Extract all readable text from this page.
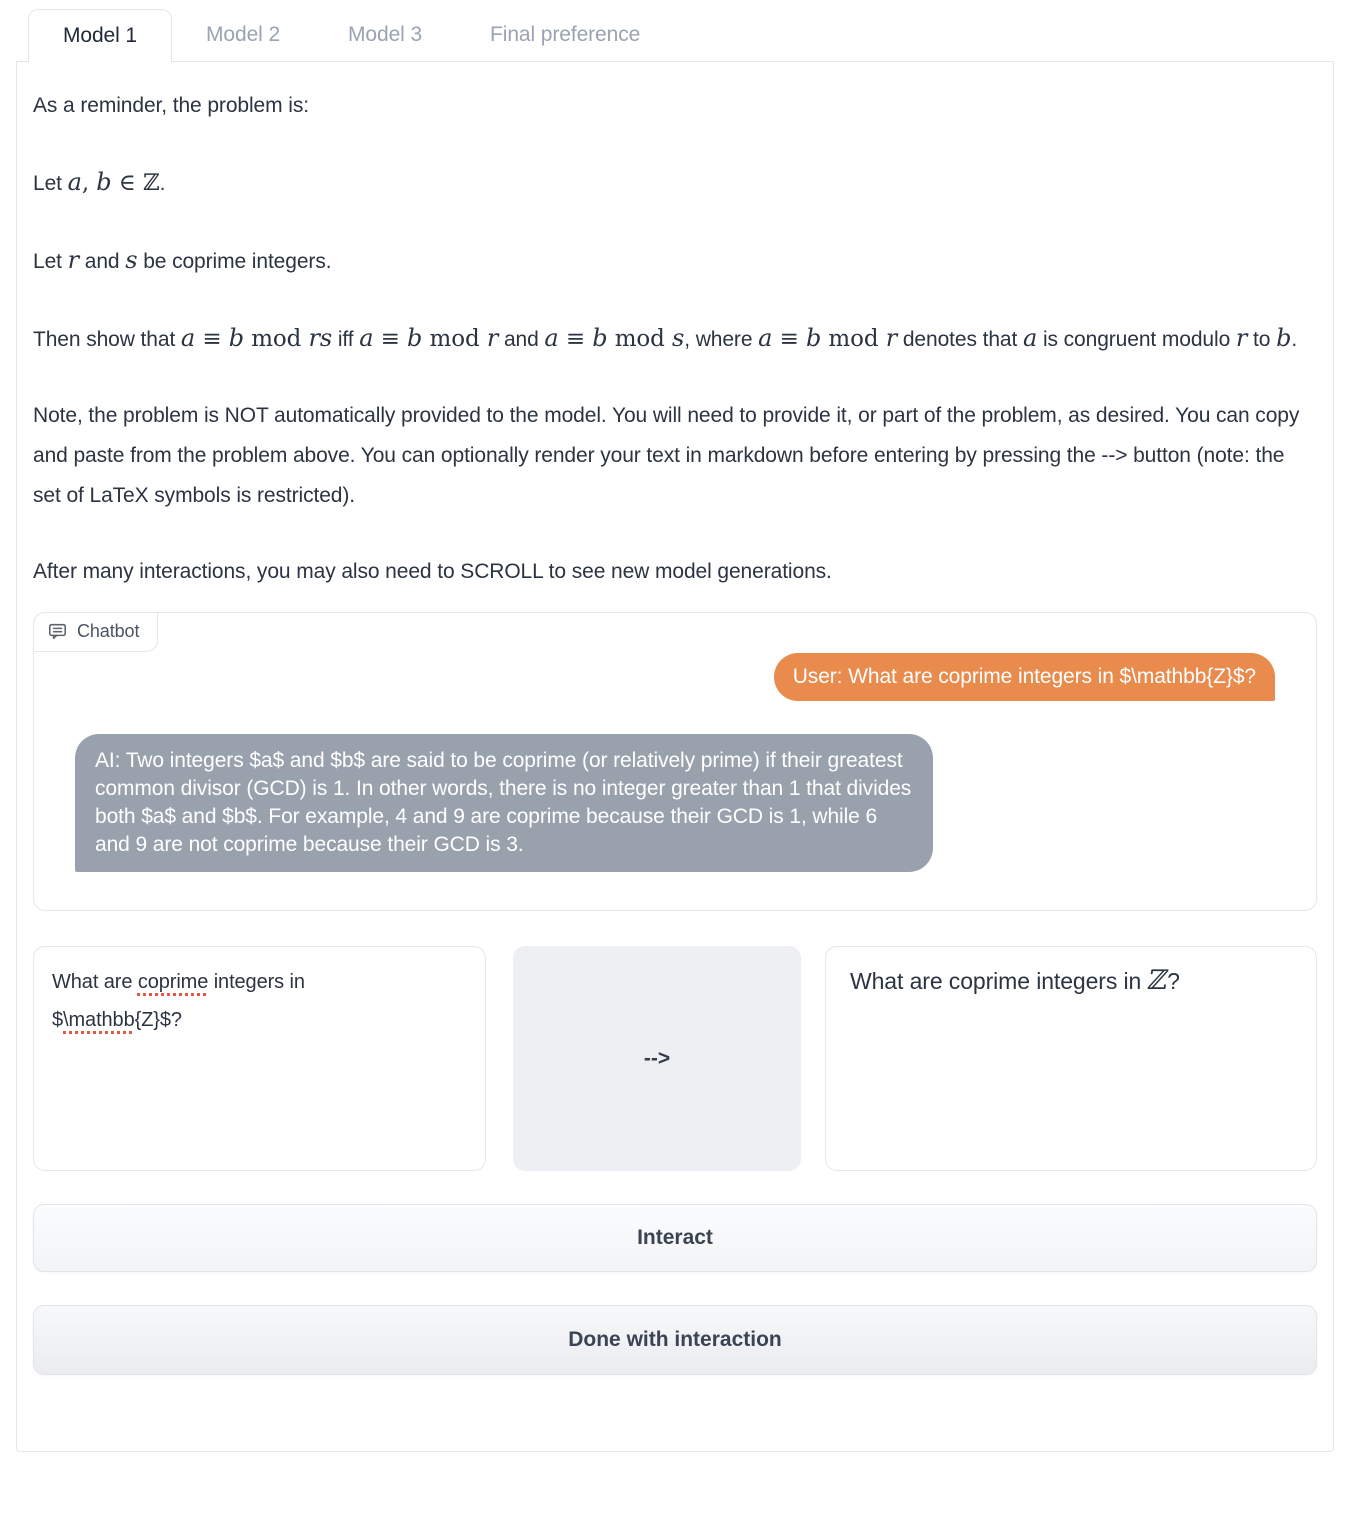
Model 1	Model 2	Model 3	Final preference

As a reminder, the problem is:

Let a, b ∈ ℤ.

Let r and s be coprime integers.

Then show that a ≡ b mod rs iff a ≡ b mod r and a ≡ b mod s, where a ≡ b mod r denotes that a is congruent modulo r to b.

Note, the problem is NOT automatically provided to the model. You will need to provide it, or part of the problem, as desired. You can copy and paste from the problem above. You can optionally render your text in markdown before entering by pressing the --> button (note: the set of LaTeX symbols is restricted).

After many interactions, you may also need to SCROLL to see new model generations.

Chatbot
User: What are coprime integers in $\mathbb{Z}$?
AI: Two integers $a$ and $b$ are said to be coprime (or relatively prime) if their greatest common divisor (GCD) is 1. In other words, there is no integer greater than 1 that divides both $a$ and $b$. For example, 4 and 9 are coprime because their GCD is 1, while 6 and 9 are not coprime because their GCD is 3.
What are coprime integers in $\mathbb{Z}$?
-->
What are coprime integers in ℤ?
Interact
Done with interaction
